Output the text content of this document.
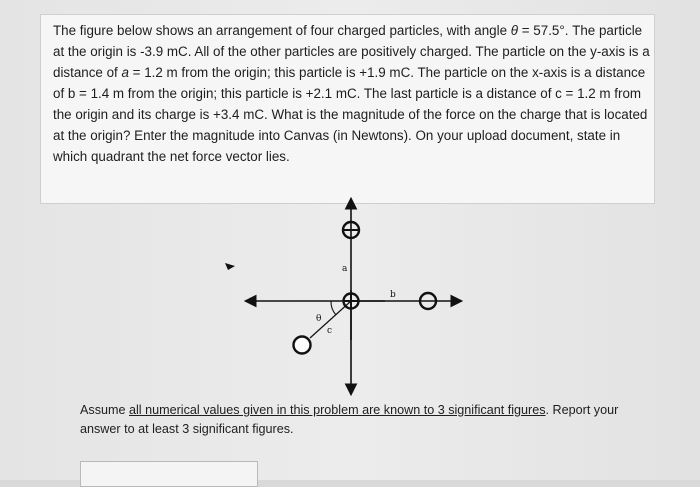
The figure below shows an arrangement of four charged particles, with angle θ = 57.5°. The particle at the origin is -3.9 mC. All of the other particles are positively charged. The particle on the y-axis is a distance of a = 1.2 m from the origin; this particle is +1.9 mC. The particle on the x-axis is a distance of b = 1.4 m from the origin; this particle is +2.1 mC. The last particle is a distance of c = 1.2 m from the origin and its charge is +3.4 mC. What is the magnitude of the force on the charge that is located at the origin? Enter the magnitude into Canvas (in Newtons). On your upload document, state in which quadrant the net force vector lies.

a
b
c
θ

Assume all numerical values given in this problem are known to 3 significant figures. Report your answer to at least 3 significant figures.
